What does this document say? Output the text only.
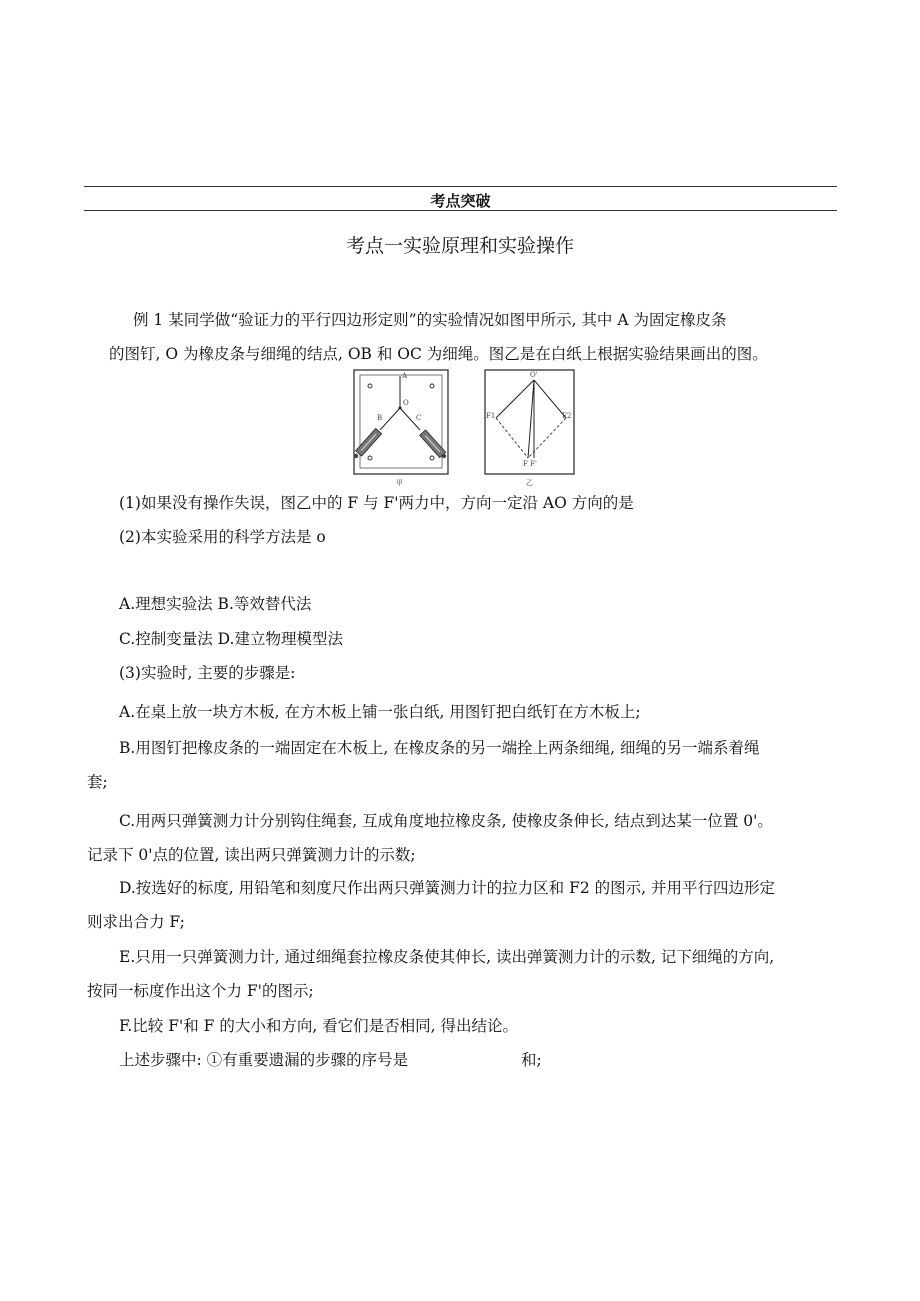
考点突破
考点一实验原理和实验操作
例 1 某同学做“验证力的平行四边形定则”的实验情况如图甲所示, 其中 A 为固定橡皮条
的图钉, O 为橡皮条与细绳的结点, OB 和 OC 为细绳。图乙是在白纸上根据实验结果画出的图。
A
O
B	C
甲
O'
F1	F2
F F'
乙
(1)如果没有操作失误，图乙中的 F 与 F'两力中，方向一定沿 AO 方向的是
(2)本实验采用的科学方法是 o
A.理想实验法 B.等效替代法
C.控制变量法 D.建立物理模型法
(3)实验时, 主要的步骤是:
A.在桌上放一块方木板, 在方木板上铺一张白纸, 用图钉把白纸钉在方木板上;
B.用图钉把橡皮条的一端固定在木板上, 在橡皮条的另一端拴上两条细绳, 细绳的另一端系着绳
套;
C.用两只弹簧测力计分别钩住绳套, 互成角度地拉橡皮条, 使橡皮条伸长, 结点到达某一位置 0'。
记录下 0'点的位置, 读出两只弹簧测力计的示数;
D.按选好的标度, 用铅笔和刻度尺作出两只弹簧测力计的拉力区和 F2 的图示, 并用平行四边形定
则求出合力 F;
E.只用一只弹簧测力计, 通过细绳套拉橡皮条使其伸长, 读出弹簧测力计的示数, 记下细绳的方向,
按同一标度作出这个力 F'的图示;
F.比较 F'和 F 的大小和方向, 看它们是否相同, 得出结论。
上述步骤中: ①有重要遗漏的步骤的序号是	和;
